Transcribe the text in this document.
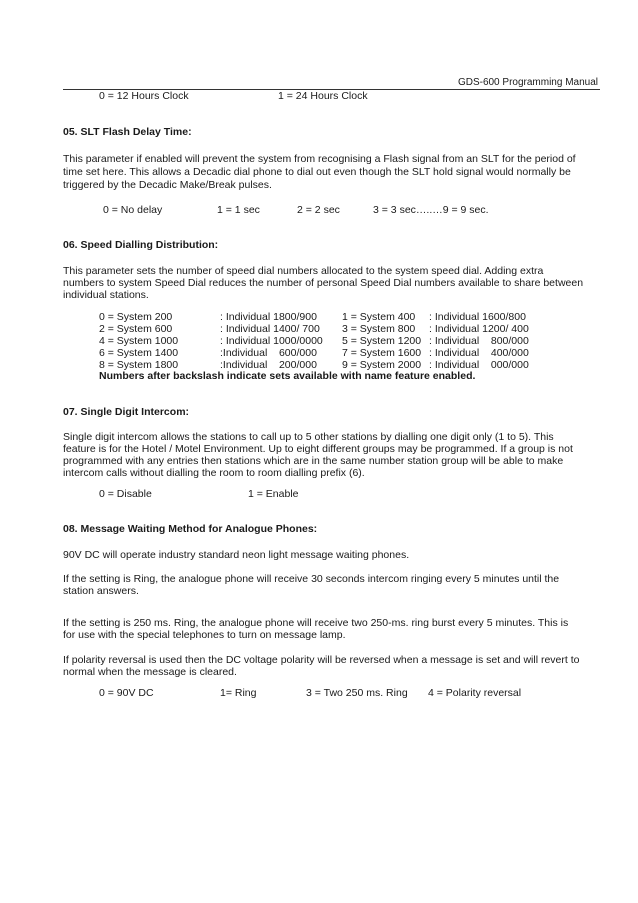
GDS-600 Programming Manual
0 = 12 Hours Clock	1 = 24 Hours Clock
05. SLT Flash Delay Time:
This parameter if enabled will prevent the system from recognising a Flash signal from an SLT for the period of
time set here. This allows a Decadic dial phone to dial out even though the SLT hold signal would normally be
triggered by the Decadic Make/Break pulses.
0 = No delay	1 = 1 sec	2 = 2 sec	3 = 3 sec…..…9 = 9 sec.
06. Speed Dialling Distribution:
This parameter sets the number of speed dial numbers allocated to the system speed dial. Adding extra
numbers to system Speed Dial reduces the number of personal Speed Dial numbers available to share between
individual stations.
0 = System 200	: Individual 1800/900 1 = System 400 : Individual 1600/800
2 = System 600	: Individual 1400/ 700 3 = System 800 : Individual 1200/ 400
4 = System 1000	: Individual 1000/0000 5 = System 1200 : Individual    800/000
6 = System 1400	:Individual    600/000 7 = System 1600 : Individual    400/000
8 = System 1800	:Individual    200/000 9 = System 2000 : Individual    000/000
Numbers after backslash indicate sets available with name feature enabled.
07. Single Digit Intercom:
Single digit intercom allows the stations to call up to 5 other stations by dialling one digit only (1 to 5). This
feature is for the Hotel / Motel Environment. Up to eight different groups may be programmed. If a group is not
programmed with any entries then stations which are in the same number station group will be able to make
intercom calls without dialling the room to room dialling prefix (6).
0 = Disable	1 = Enable
08. Message Waiting Method for Analogue Phones:
90V DC will operate industry standard neon light message waiting phones.
If the setting is Ring, the analogue phone will receive 30 seconds intercom ringing every 5 minutes until the
station answers.
If the setting is 250 ms. Ring, the analogue phone will receive two 250-ms. ring burst every 5 minutes. This is
for use with the special telephones to turn on message lamp.
If polarity reversal is used then the DC voltage polarity will be reversed when a message is set and will revert to
normal when the message is cleared.
0 = 90V DC	1= Ring	3 = Two 250 ms. Ring 4 = Polarity reversal
